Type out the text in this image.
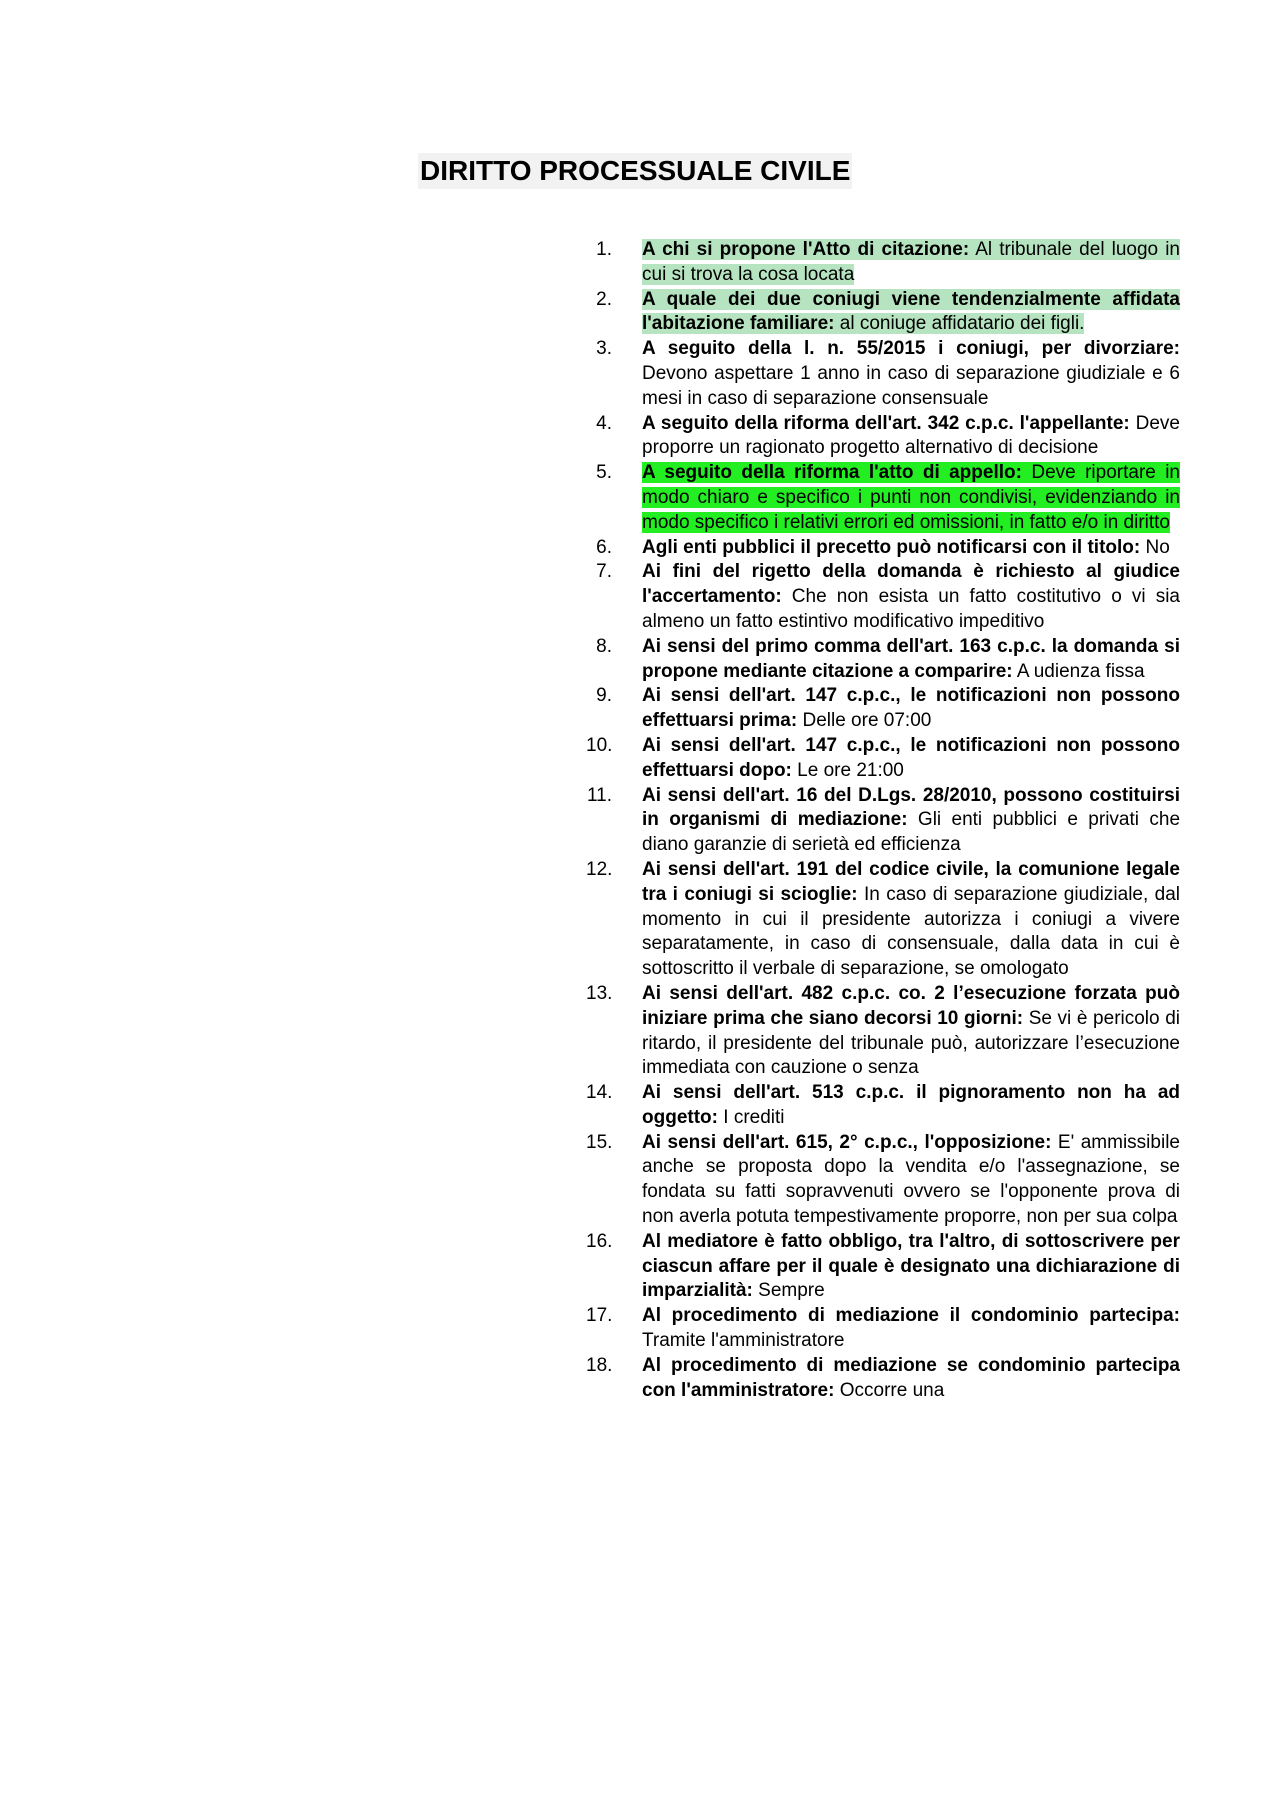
DIRITTO PROCESSUALE CIVILE
1. A chi si propone l'Atto di citazione: Al tribunale del luogo in cui si trova la cosa locata
2. A quale dei due coniugi viene tendenzialmente affidata l'abitazione familiare: al coniuge affidatario dei figli.
3. A seguito della l. n. 55/2015 i coniugi, per divorziare: Devono aspettare 1 anno in caso di separazione giudiziale e 6 mesi in caso di separazione consensuale
4. A seguito della riforma dell'art. 342 c.p.c. l'appellante: Deve proporre un ragionato progetto alternativo di decisione
5. A seguito della riforma l'atto di appello: Deve riportare in modo chiaro e specifico i punti non condivisi, evidenziando in modo specifico i relativi errori ed omissioni, in fatto e/o in diritto
6. Agli enti pubblici il precetto può notificarsi con il titolo: No
7. Ai fini del rigetto della domanda è richiesto al giudice l'accertamento: Che non esista un fatto costitutivo o vi sia almeno un fatto estintivo modificativo impeditivo
8. Ai sensi del primo comma dell'art. 163 c.p.c. la domanda si propone mediante citazione a comparire: A udienza fissa
9. Ai sensi dell'art. 147 c.p.c., le notificazioni non possono effettuarsi prima: Delle ore 07:00
10. Ai sensi dell'art. 147 c.p.c., le notificazioni non possono effettuarsi dopo: Le ore 21:00
11. Ai sensi dell'art. 16 del D.Lgs. 28/2010, possono costituirsi in organismi di mediazione: Gli enti pubblici e privati che diano garanzie di serietà ed efficienza
12. Ai sensi dell'art. 191 del codice civile, la comunione legale tra i coniugi si scioglie: In caso di separazione giudiziale, dal momento in cui il presidente autorizza i coniugi a vivere separatamente, in caso di consensuale, dalla data in cui è sottoscritto il verbale di separazione, se omologato
13. Ai sensi dell'art. 482 c.p.c. co. 2 l’esecuzione forzata può iniziare prima che siano decorsi 10 giorni: Se vi è pericolo di ritardo, il presidente del tribunale può, autorizzare l’esecuzione immediata con cauzione o senza
14. Ai sensi dell'art. 513 c.p.c. il pignoramento non ha ad oggetto: I crediti
15. Ai sensi dell'art. 615, 2° c.p.c., l'opposizione: E' ammissibile anche se proposta dopo la vendita e/o l'assegnazione, se fondata su fatti sopravvenuti ovvero se l'opponente prova di non averla potuta tempestivamente proporre, non per sua colpa
16. Al mediatore è fatto obbligo, tra l'altro, di sottoscrivere per ciascun affare per il quale è designato una dichiarazione di imparzialità: Sempre
17. Al procedimento di mediazione il condominio partecipa: Tramite l'amministratore
18. Al procedimento di mediazione se condominio partecipa con l'amministratore: Occorre una
